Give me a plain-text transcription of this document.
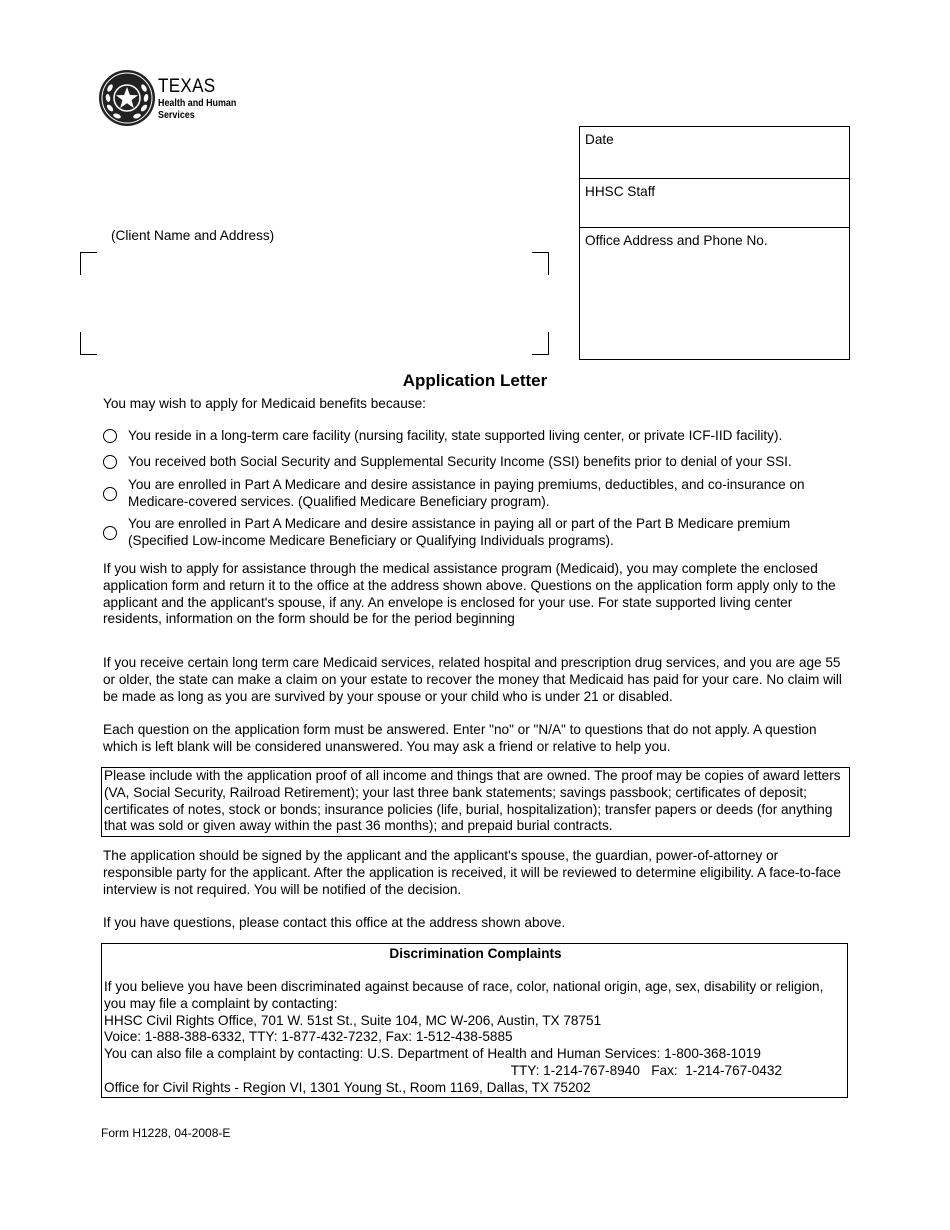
TEXAS
Health and Human
Services
Date
HHSC Staff
Office Address and Phone No.
(Client Name and Address)
Application Letter
You may wish to apply for Medicaid benefits because:
You reside in a long-term care facility (nursing facility, state supported living center, or private ICF-IID facility).
You received both Social Security and Supplemental Security Income (SSI) benefits prior to denial of your SSI.
You are enrolled in Part A Medicare and desire assistance in paying premiums, deductibles, and co-insurance on Medicare-covered services. (Qualified Medicare Beneficiary program).
You are enrolled in Part A Medicare and desire assistance in paying all or part of the Part B Medicare premium (Specified Low-income Medicare Beneficiary or Qualifying Individuals programs).
If you wish to apply for assistance through the medical assistance program (Medicaid), you may complete the enclosed application form and return it to the office at the address shown above. Questions on the application form apply only to the applicant and the applicant's spouse, if any. An envelope is enclosed for your use. For state supported living center residents, information on the form should be for the period beginning
If you receive certain long term care Medicaid services, related hospital and prescription drug services, and you are age 55 or older, the state can make a claim on your estate to recover the money that Medicaid has paid for your care. No claim will be made as long as you are survived by your spouse or your child who is under 21 or disabled.
Each question on the application form must be answered. Enter "no" or "N/A" to questions that do not apply. A question which is left blank will be considered unanswered. You may ask a friend or relative to help you.
Please include with the application proof of all income and things that are owned. The proof may be copies of award letters (VA, Social Security, Railroad Retirement); your last three bank statements; savings passbook; certificates of deposit; certificates of notes, stock or bonds; insurance policies (life, burial, hospitalization); transfer papers or deeds (for anything that was sold or given away within the past 36 months); and prepaid burial contracts.
The application should be signed by the applicant and the applicant's spouse, the guardian, power-of-attorney or responsible party for the applicant. After the application is received, it will be reviewed to determine eligibility. A face-to-face interview is not required. You will be notified of the decision.
If you have questions, please contact this office at the address shown above.
Discrimination Complaints
If you believe you have been discriminated against because of race, color, national origin, age, sex, disability or religion,
you may file a complaint by contacting:
HHSC Civil Rights Office, 701 W. 51st St., Suite 104, MC W-206, Austin, TX 78751
Voice: 1-888-388-6332, TTY: 1-877-432-7232, Fax: 1-512-438-5885
You can also file a complaint by contacting: U.S. Department of Health and Human Services: 1-800-368-1019
TTY: 1-214-767-8940   Fax:  1-214-767-0432
Office for Civil Rights - Region VI, 1301 Young St., Room 1169, Dallas, TX 75202
Form H1228, 04-2008-E
